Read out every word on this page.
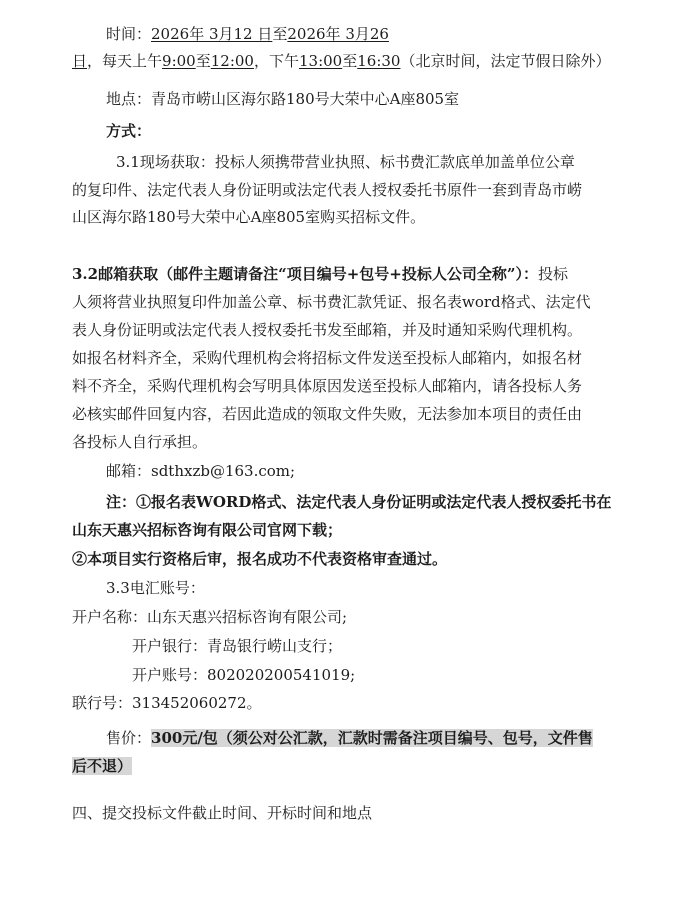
时间：2026年 3月12 日至2026年 3月26
日，每天上午9:00至12:00，下午13:00至16:30（北京时间，法定节假日除外）
地点：青岛市崂山区海尔路180号大荣中心A座805室
方式：
3.1现场获取：投标人须携带营业执照、标书费汇款底单加盖单位公章
的复印件、法定代表人身份证明或法定代表人授权委托书原件一套到青岛市崂
山区海尔路180号大荣中心A座805室购买招标文件。
3.2邮箱获取（邮件主题请备注“项目编号+包号+投标人公司全称”）：投标
人须将营业执照复印件加盖公章、标书费汇款凭证、报名表word格式、法定代
表人身份证明或法定代表人授权委托书发至邮箱，并及时通知采购代理机构。
如报名材料齐全，采购代理机构会将招标文件发送至投标人邮箱内，如报名材
料不齐全，采购代理机构会写明具体原因发送至投标人邮箱内，请各投标人务
必核实邮件回复内容，若因此造成的领取文件失败，无法参加本项目的责任由
各投标人自行承担。
邮箱：sdthxzb@163.com;
注：①报名表WORD格式、法定代表人身份证明或法定代表人授权委托书在
山东天惠兴招标咨询有限公司官网下载；
②本项目实行资格后审，报名成功不代表资格审查通过。
3.3电汇账号：
开户名称：山东天惠兴招标咨询有限公司;
开户银行：青岛银行崂山支行；
开户账号：802020200541019;
联行号：313452060272。
售价：300元/包（须公对公汇款，汇款时需备注项目编号、包号，文件售
后不退）
四、提交投标文件截止时间、开标时间和地点
